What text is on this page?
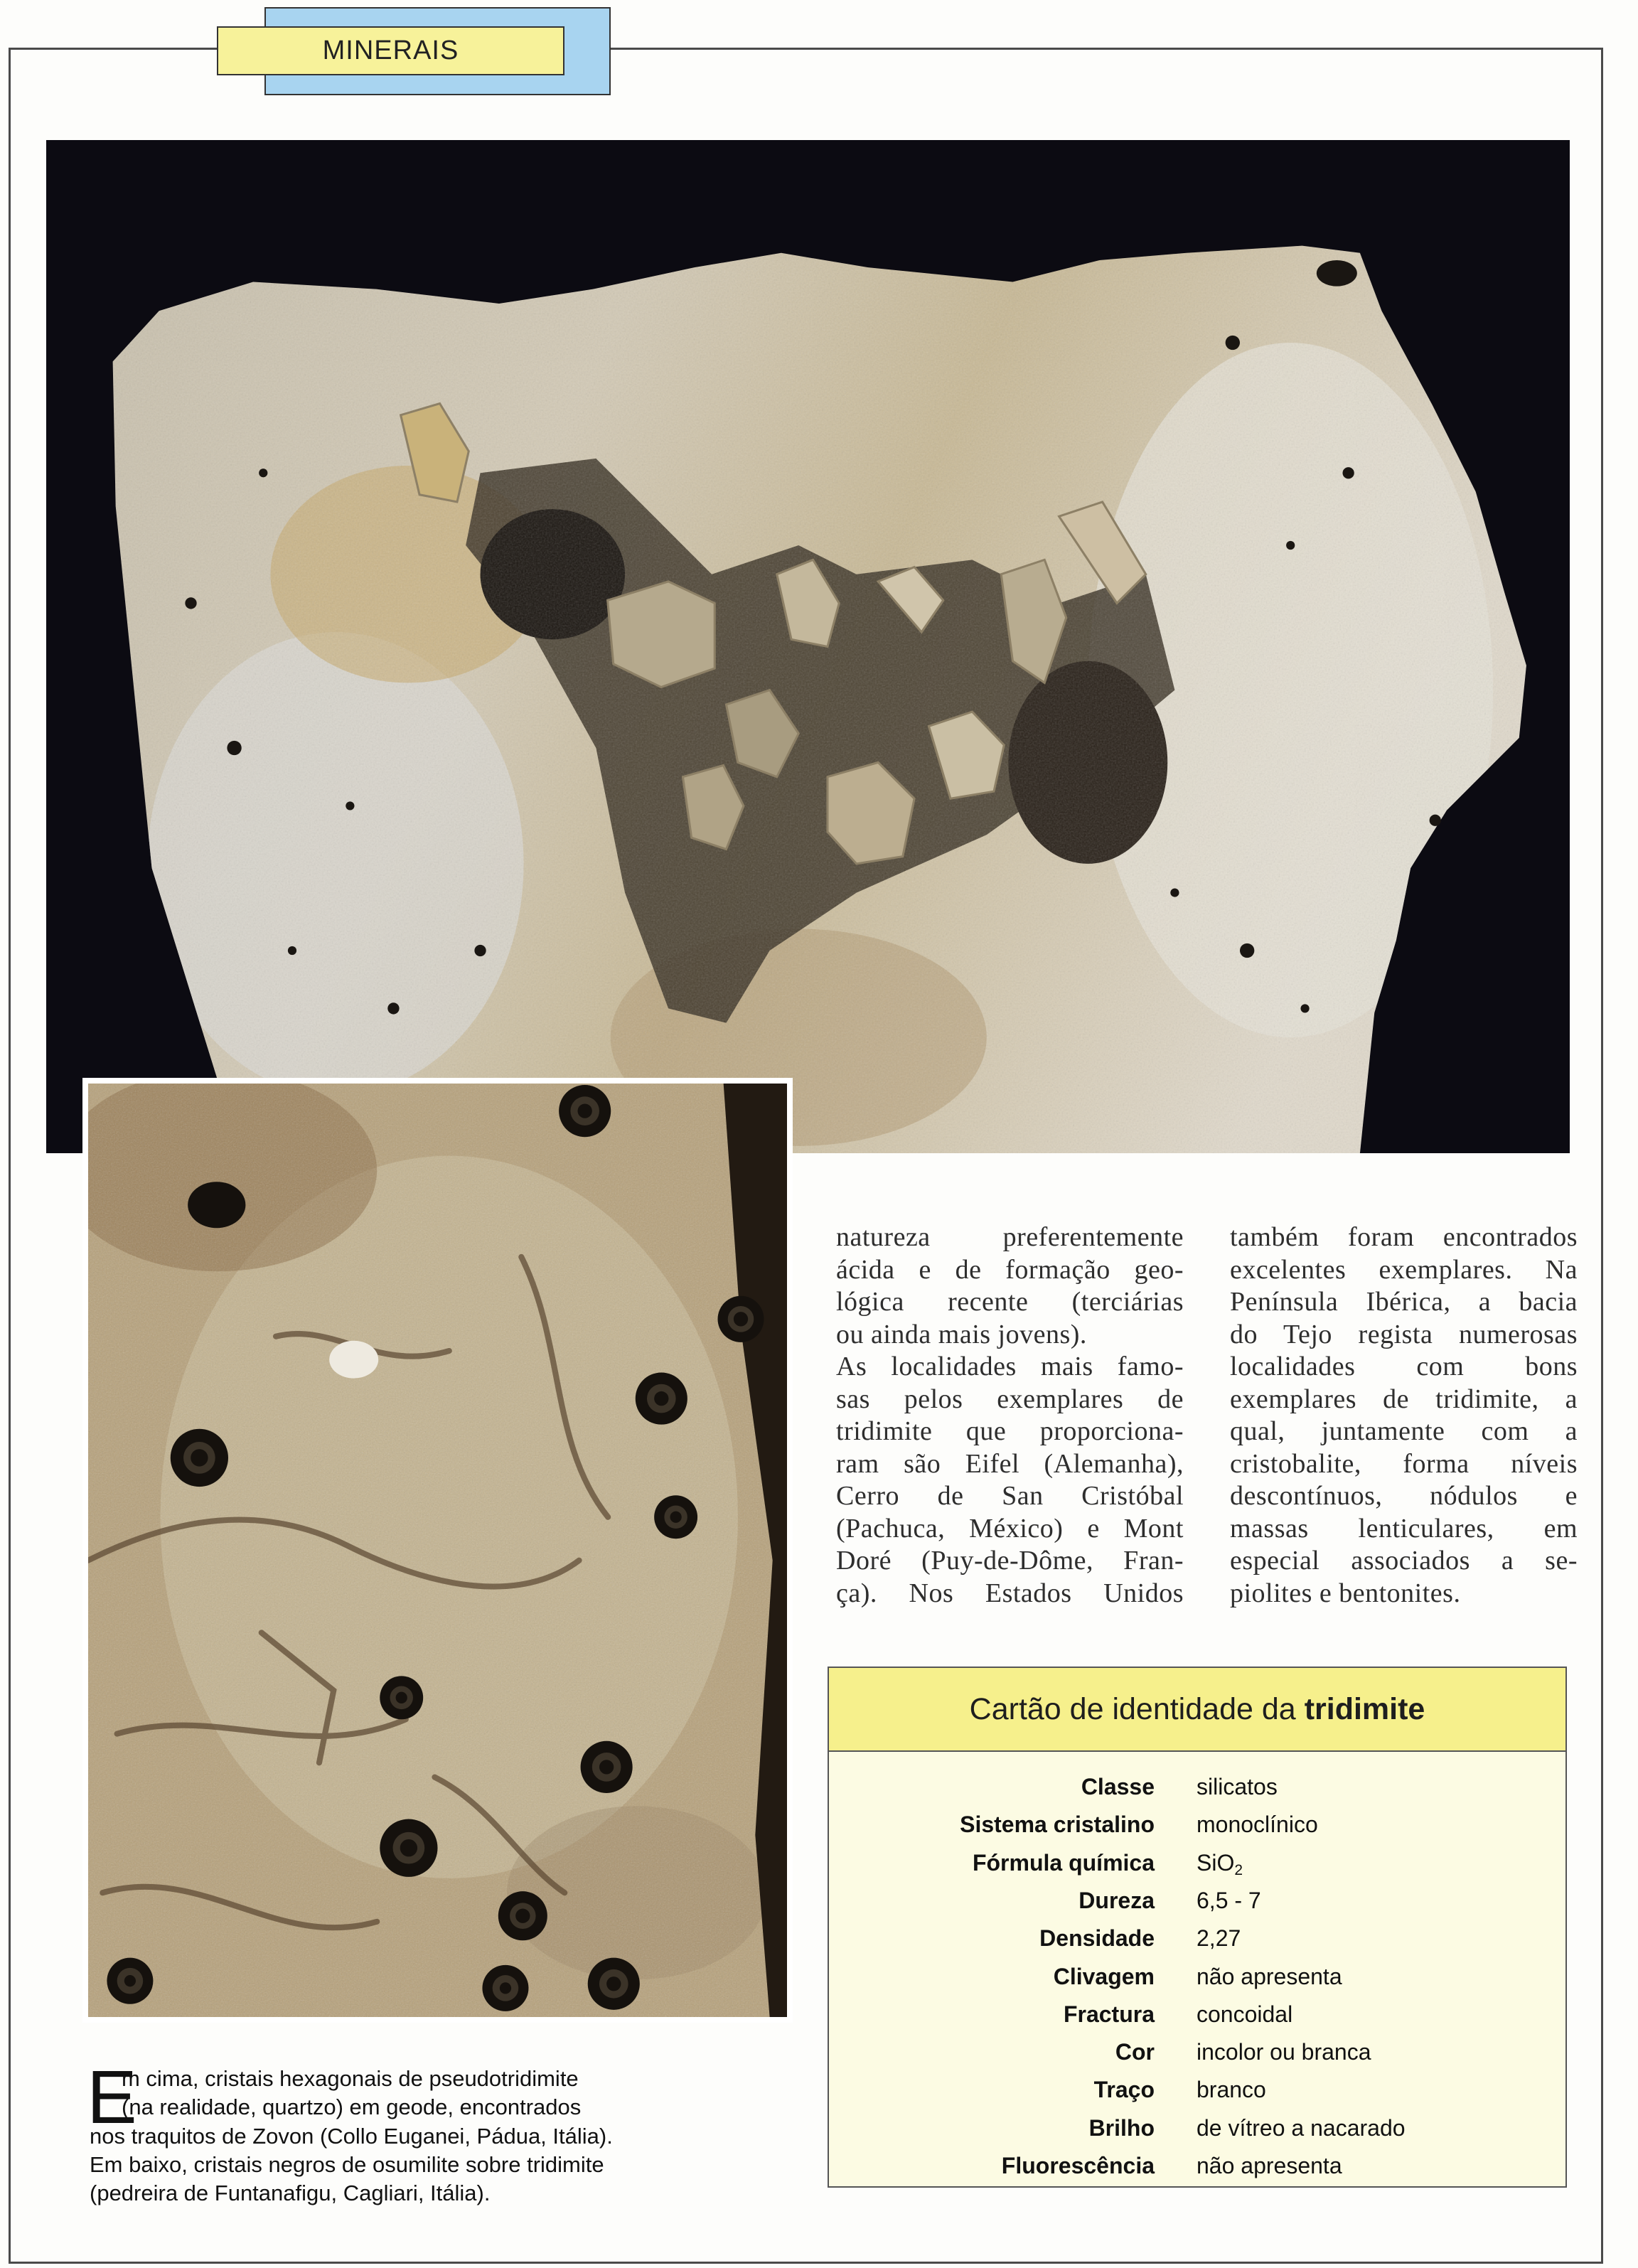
MINERAIS
natureza preferentemente
ácida e de formação geo-
lógica recente (terciárias
ou ainda mais jovens).
As localidades mais famo-
sas pelos exemplares de
tridimite que proporciona-
ram são Eifel (Alemanha),
Cerro de San Cristóbal
(Pachuca, México) e Mont
Doré (Puy-de-Dôme, Fran-
ça). Nos Estados Unidos
também foram encontrados
excelentes exemplares. Na
Península Ibérica, a bacia
do Tejo regista numerosas
localidades com bons
exemplares de tridimite, a
qual, juntamente com a
cristobalite, forma níveis
descontínuos, nódulos e
massas lenticulares, em
especial associados a se-
piolites e bentonites.
E
m cima, cristais hexagonais de pseudotridimite
(na realidade, quartzo) em geode, encontrados
nos traquitos de Zovon (Collo Euganei, Pádua, Itália).
Em baixo, cristais negros de osumilite sobre tridimite
(pedreira de Funtanafigu, Cagliari, Itália).
Cartão de identidade da tridimite
Classe silicatos
Sistema cristalino monoclínico
Fórmula química SiO$_2$
Dureza 6,5 - 7
Densidade 2,27
Clivagem não apresenta
Fractura concoidal
Cor incolor ou branca
Traço branco
Brilho de vítreo a nacarado
Fluorescência não apresenta
